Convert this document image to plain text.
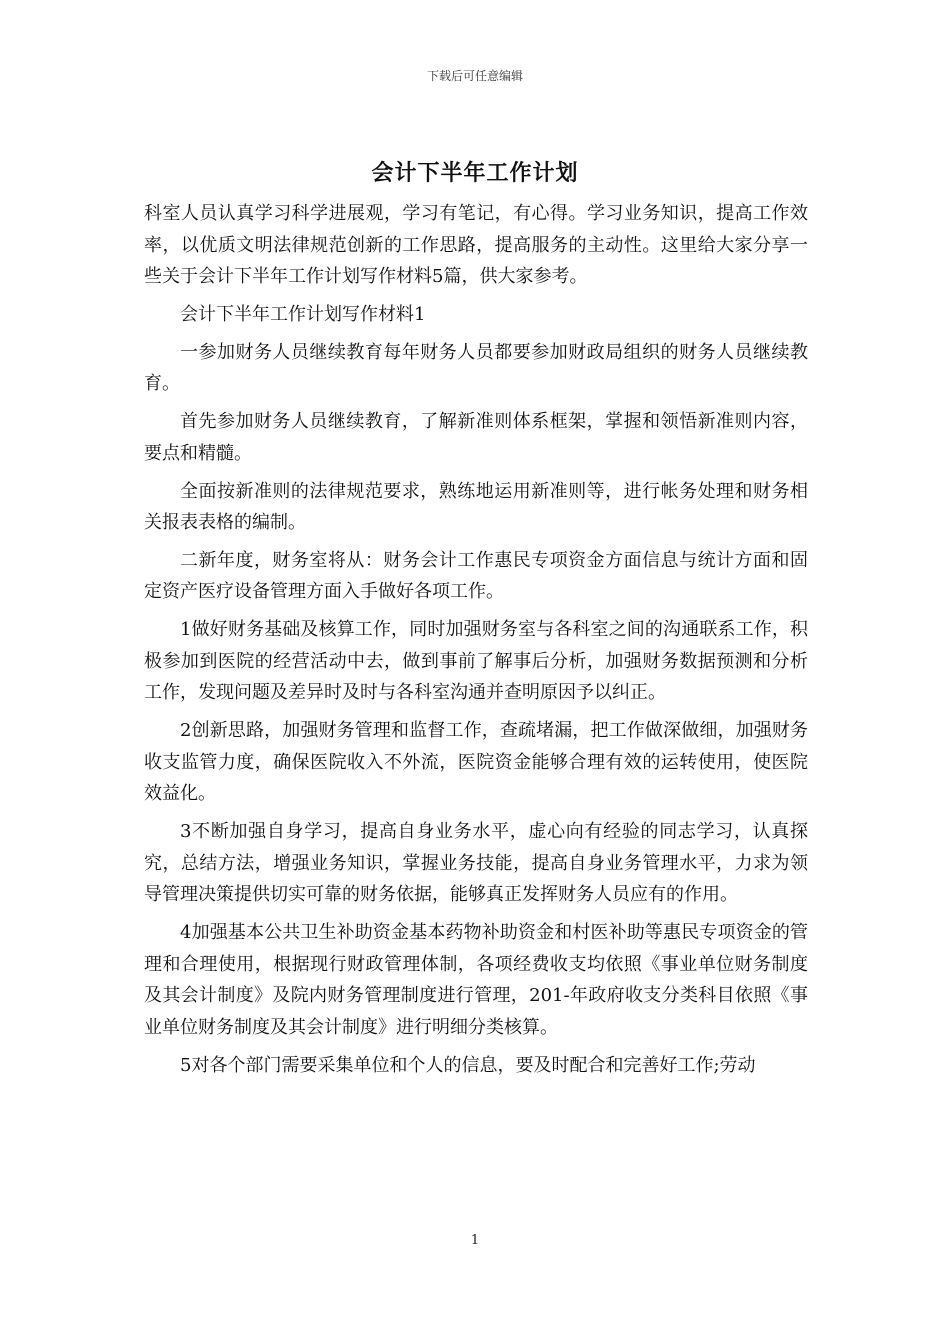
下载后可任意编辑
会计下半年工作计划

科室人员认真学习科学进展观，学习有笔记，有心得。学习业务知识，提高工作效率，以优质文明法律规范创新的工作思路，提高服务的主动性。这里给大家分享一些关于会计下半年工作计划写作材料5篇，供大家参考。

会计下半年工作计划写作材料1

一参加财务人员继续教育每年财务人员都要参加财政局组织的财务人员继续教育。

首先参加财务人员继续教育，了解新准则体系框架，掌握和领悟新准则内容，要点和精髓。

全面按新准则的法律规范要求，熟练地运用新准则等，进行帐务处理和财务相关报表表格的编制。

二新年度，财务室将从：财务会计工作惠民专项资金方面信息与统计方面和固定资产医疗设备管理方面入手做好各项工作。

1做好财务基础及核算工作，同时加强财务室与各科室之间的沟通联系工作，积极参加到医院的经营活动中去，做到事前了解事后分析，加强财务数据预测和分析工作，发现问题及差异时及时与各科室沟通并查明原因予以纠正。

2创新思路，加强财务管理和监督工作，查疏堵漏，把工作做深做细，加强财务收支监管力度，确保医院收入不外流，医院资金能够合理有效的运转使用，使医院效益化。

3不断加强自身学习，提高自身业务水平，虚心向有经验的同志学习，认真探究，总结方法，增强业务知识，掌握业务技能，提高自身业务管理水平，力求为领导管理决策提供切实可靠的财务依据，能够真正发挥财务人员应有的作用。

4加强基本公共卫生补助资金基本药物补助资金和村医补助等惠民专项资金的管理和合理使用，根据现行财政管理体制，各项经费收支均依照《事业单位财务制度及其会计制度》及院内财务管理制度进行管理，201-年政府收支分类科目依照《事业单位财务制度及其会计制度》进行明细分类核算。

5对各个部门需要采集单位和个人的信息，要及时配合和完善好工作;劳动

1
